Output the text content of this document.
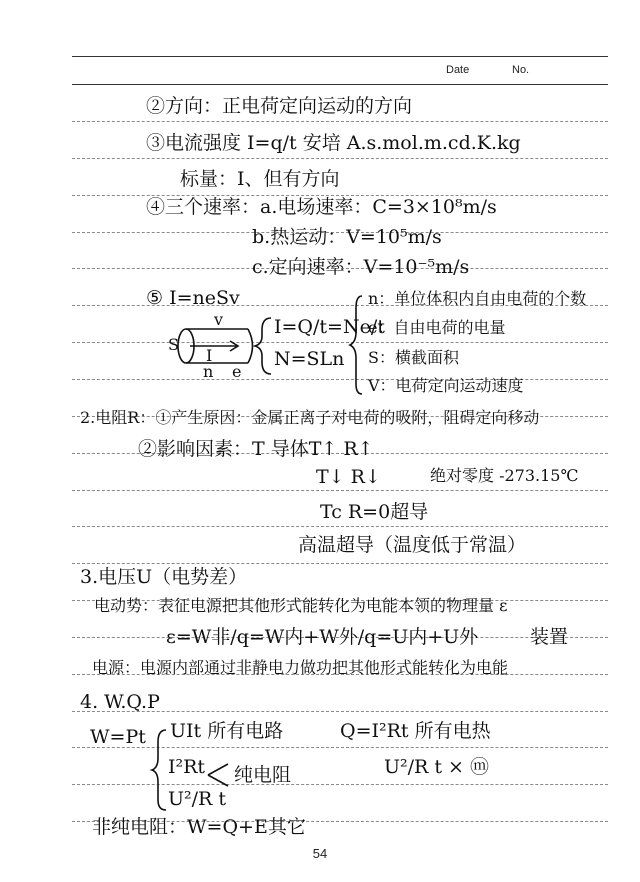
Date	No.
②方向：正电荷定向运动的方向
③电流强度 I=q/t 安培 A.s.mol.m.cd.K.kg
标量：I、但有方向
④三个速率：a.电场速率：C=3×10⁸m/s
b.热运动：V=10⁵m/s
c.定向速率：V=10⁻⁵m/s
⑤ I=neSv
v
S
I
n e
I=Q/t=Ne/t
N=SLn
n：单位体积内自由电荷的个数
e：自由电荷的电量
S：横截面积
V：电荷定向运动速度
2.电阻R：①产生原因：金属正离子对电荷的吸附，阻碍定向移动
②影响因素：T 导体T↑ R↑
T↓ R↓	绝对零度 -273.15℃
Tc R=0超导
高温超导（温度低于常温）
3.电压U（电势差）
电动势：表征电源把其他形式能转化为电能本领的物理量 ε
ε=W非/q=W内+W外/q=U内+U外	装置
电源：电源内部通过非静电力做功把其他形式能转化为电能
4. W.Q.P
W=Pt UIt 所有电路	Q=I²Rt 所有电热
I²Rt 纯电阻
U²/R t
U²/R t × ⓜ
非纯电阻：W=Q+E其它
54
